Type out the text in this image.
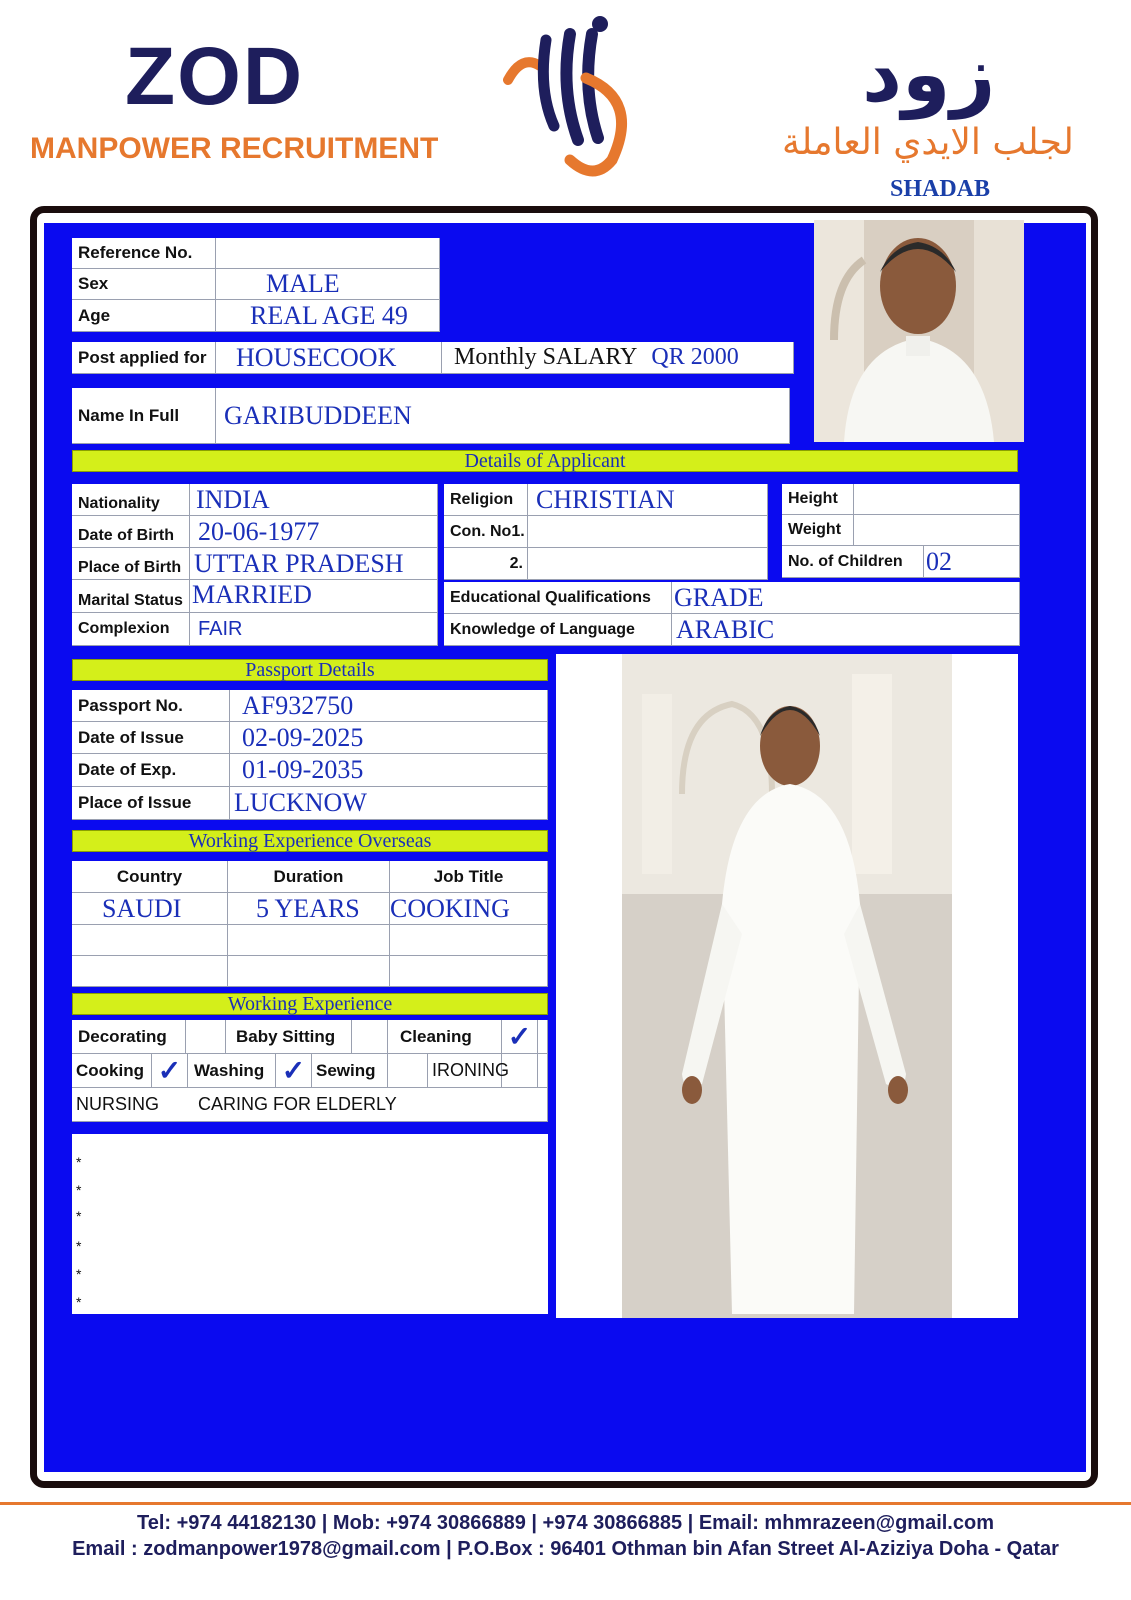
ZOD
MANPOWER RECRUITMENT
زود
لجلب الايدي العاملة
SHADAB
Reference No.
Sex	MALE
Age	REAL AGE 49
Post applied for	HOUSECOOK	Monthly SALARY QR 2000
Name In Full	GARIBUDDEEN
Details of Applicant
Nationality	INDIA
Date of Birth 20-06-1977
Place of Birth UTTAR PRADESH
Marital Status MARRIED
Complexion	FAIR
Religion CHRISTIAN
Con. No1.
2.
Height
Weight
No. of Children 02
Educational Qualifications GRADE
Knowledge of Language	ARABIC
Passport Details
Passport No.	AF932750
Date of Issue	02-09-2025
Date of Exp.	01-09-2035
Place of Issue	LUCKNOW
Working Experience Overseas
Country	Duration	Job Title
SAUDI	5 YEARS	COOKING
Working Experience
Decorating	Baby Sitting	Cleaning	✓
Cooking ✓ Washing ✓ Sewing	IRONING
NURSING	CARING FOR ELDERLY
*
*
*
*
*
*
Tel: +974 44182130 | Mob: +974 30866889 | +974 30866885 | Email: mhmrazeen@gmail.com
Email : zodmanpower1978@gmail.com | P.O.Box : 96401 Othman bin Afan Street Al-Aziziya Doha - Qatar
